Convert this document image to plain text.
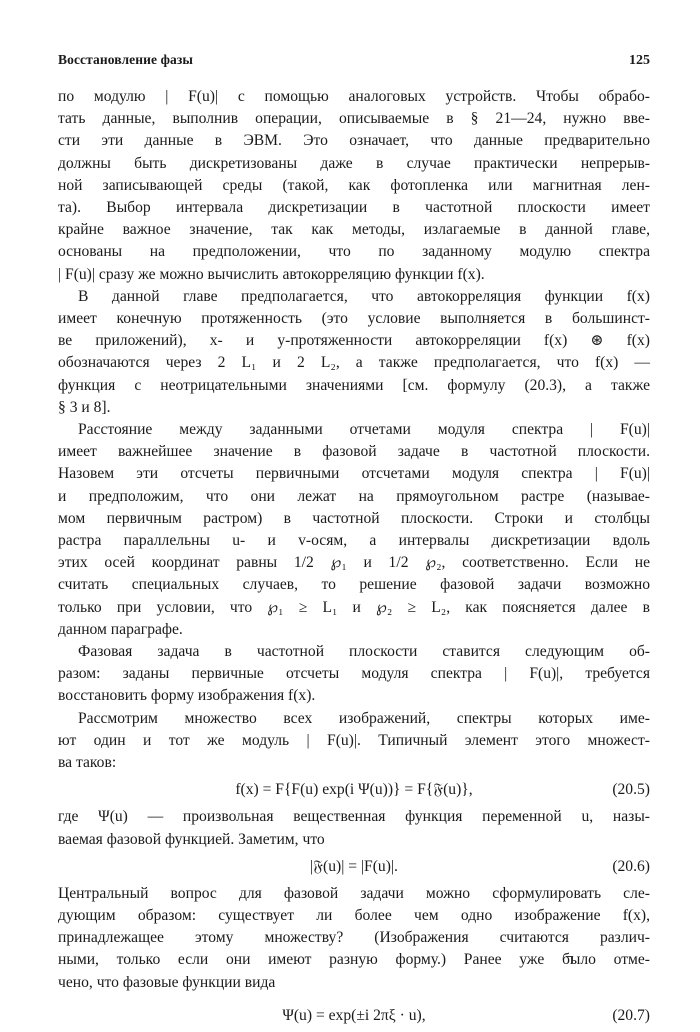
Восстановление фазы	125

по модулю | F(u)| с помощью аналоговых устройств. Чтобы обрабо-
тать данные, выполнив операции, описываемые в § 21—24, нужно вве-
сти эти данные в ЭВМ. Это означает, что данные предварительно
должны быть дискретизованы даже в случае практически непрерыв-
ной записывающей среды (такой, как фотопленка или магнитная лен-
та). Выбор интервала дискретизации в частотной плоскости имеет
крайне важное значение, так как методы, излагаемые в данной главе,
основаны на предположении, что по заданному модулю спектра
| F(u)| сразу же можно вычислить автокорреляцию функции f(x).

В данной главе предполагается, что автокорреляция функции f(x)
имеет конечную протяженность (это условие выполняется в большинст-
ве приложений), x- и y-протяженности автокорреляции f(x) ⊛ f(x)
обозначаются через 2 L₁ и 2 L₂, а также предполагается, что f(x) —
функция с неотрицательными значениями [см. формулу (20.3), а также
§ 3 и 8].

Расстояние между заданными отчетами модуля спектра | F(u)|
имеет важнейшее значение в фазовой задаче в частотной плоскости.
Назовем эти отсчеты первичными отсчетами модуля спектра | F(u)|
и предположим, что они лежат на прямоугольном растре (называе-
мом первичным растром) в частотной плоскости. Строки и столбцы
растра параллельны u- и v-осям, а интервалы дискретизации вдоль
этих осей координат равны 1/2 ℘₁ и 1/2 ℘₂, соответственно. Если не
считать специальных случаев, то решение фазовой задачи возможно
только при условии, что ℘₁ ≥ L₁ и ℘₂ ≥ L₂, как поясняется далее в
данном параграфе.

Фазовая задача в частотной плоскости ставится следующим об-
разом: заданы первичные отсчеты модуля спектра | F(u)|, требуется
восстановить форму изображения f(x).

Рассмотрим множество всех изображений, спектры которых име-
ют один и тот же модуль | F(u)|. Типичный элемент этого множест-
ва таков:

f(x) = F{F(u) exp(i Ψ(u))} = F{𝔉(u)},	(20.5)

где Ψ(u) — произвольная вещественная функция переменной u, назы-
ваемая фазовой функцией. Заметим, что

|𝔉(u)| = |F(u)|.	(20.6)

Центральный вопрос для фазовой задачи можно сформулировать сле-
дующим образом: существует ли более чем одно изображение f(x),
принадлежащее этому множеству? (Изображения считаются различ-
ными, только если они имеют разную форму.) Ранее уже было отме-
чено, что фазовые функции вида

Ψ(u) = exp(±i 2πξ · u),	(20.7)
